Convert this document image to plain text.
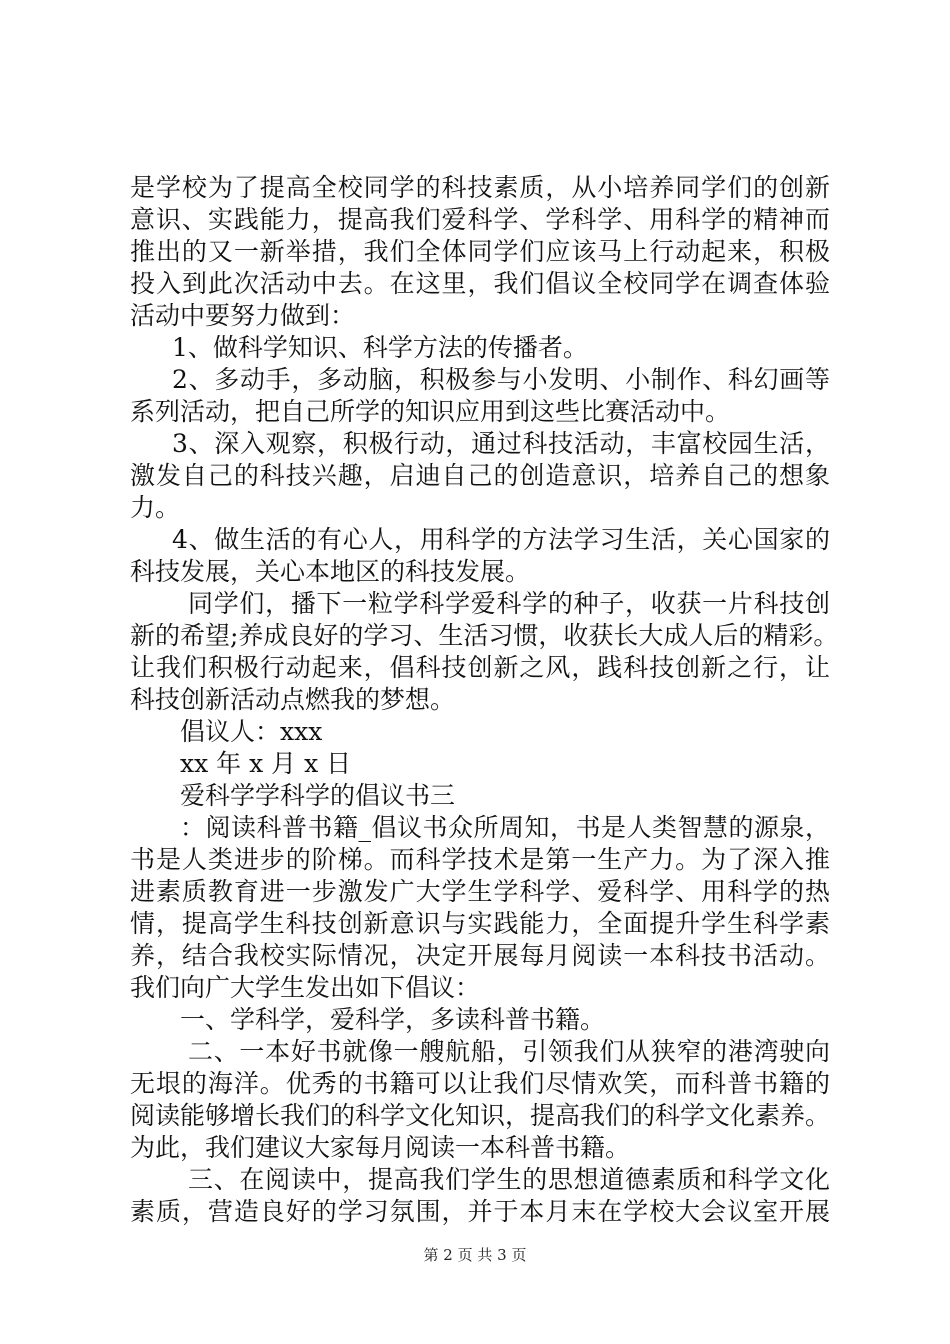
是学校为了提高全校同学的科技素质，从小培养同学们的创新
意识、实践能力，提高我们爱科学、学科学、用科学的精神而
推出的又一新举措，我们全体同学们应该马上行动起来，积极
投入到此次活动中去。在这里，我们倡议全校同学在调查体验
活动中要努力做到：
1、做科学知识、科学方法的传播者。
2、多动手，多动脑，积极参与小发明、小制作、科幻画等
系列活动，把自己所学的知识应用到这些比赛活动中。
3、深入观察，积极行动，通过科技活动，丰富校园生活，
激发自己的科技兴趣，启迪自己的创造意识，培养自己的想象
力。
4、做生活的有心人，用科学的方法学习生活，关心国家的
科技发展，关心本地区的科技发展。
同学们，播下一粒学科学爱科学的种子，收获一片科技创
新的希望;养成良好的学习、生活习惯，收获长大成人后的精彩。
让我们积极行动起来，倡科技创新之风，践科技创新之行，让
科技创新活动点燃我的梦想。
倡议人：xxx
xx 年 x 月 x 日
爱科学学科学的倡议书三
：阅读科普书籍_倡议书众所周知，书是人类智慧的源泉，
书是人类进步的阶梯。而科学技术是第一生产力。为了深入推
进素质教育进一步激发广大学生学科学、爱科学、用科学的热
情，提高学生科技创新意识与实践能力，全面提升学生科学素
养，结合我校实际情况，决定开展每月阅读一本科技书活动。
我们向广大学生发出如下倡议：
一、学科学，爱科学，多读科普书籍。
二、一本好书就像一艘航船，引领我们从狭窄的港湾驶向
无垠的海洋。优秀的书籍可以让我们尽情欢笑，而科普书籍的
阅读能够增长我们的科学文化知识，提高我们的科学文化素养。
为此，我们建议大家每月阅读一本科普书籍。
三、在阅读中，提高我们学生的思想道德素质和科学文化
素质，营造良好的学习氛围，并于本月末在学校大会议室开展
第 2 页 共 3 页
